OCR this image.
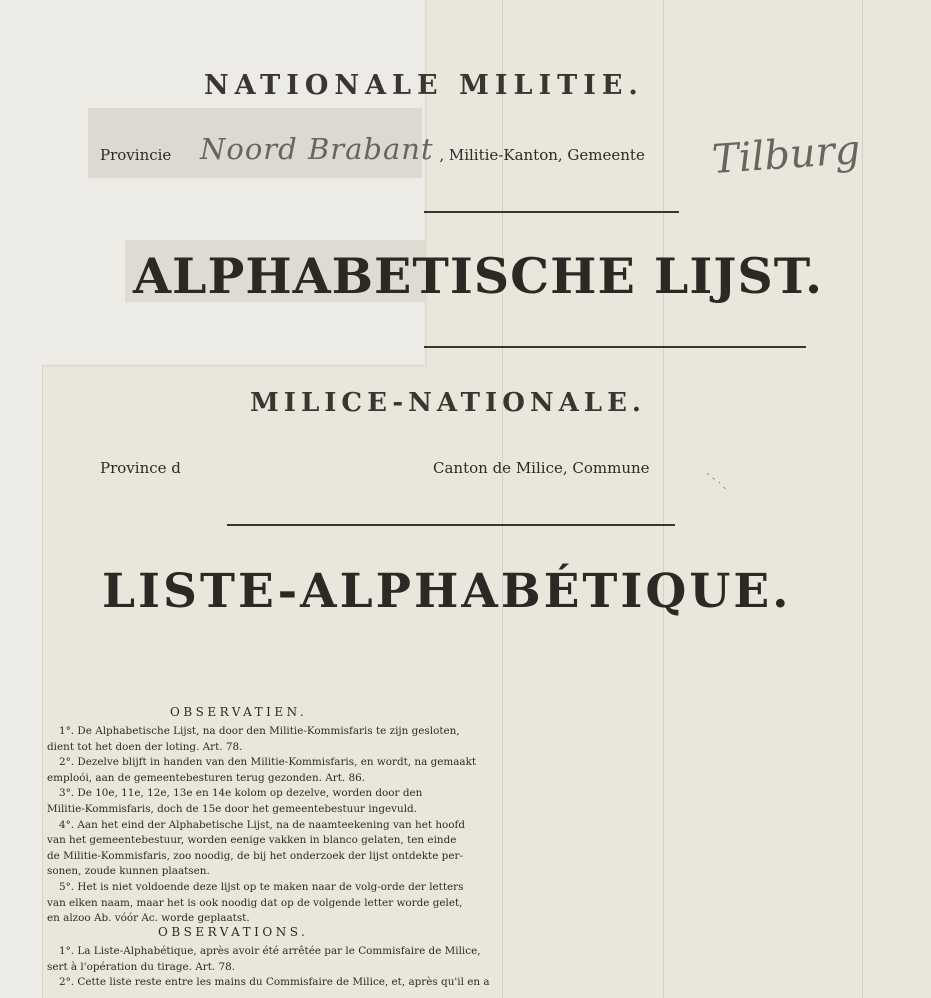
NATIONALE MILITIE.
Provincie	, Militie-Kanton, Gemeente
Noord Brabant	Tilburg
ALPHABETISCHE LIJST.
MILICE-NATIONALE.
Province d	Canton de Milice, Commune	- - · -
LISTE-ALPHABÉTIQUE.
OBSERVATIEN.

1°. De Alphabetische Lijst, na door den Militie-Kommisfaris te zijn gesloten,

dient tot het doen der loting. Art. 78.

2°. Dezelve blijft in handen van den Militie-Kommisfaris, en wordt, na gemaakt

emploói, aan de gemeentebesturen terug gezonden. Art. 86.

3°. De 10e, 11e, 12e, 13e en 14e kolom op dezelve, worden door den

Militie-Kommisfaris, doch de 15e door het gemeentebestuur ingevuld.

4°. Aan het eind der Alphabetische Lijst, na de naamteekening van het hoofd

van het gemeentebestuur, worden eenige vakken in blanco gelaten, ten einde

de Militie-Kommisfaris, zoo noodig, de bij het onderzoek der lijst ontdekte per-

sonen, zoude kunnen plaatsen.

5°. Het is niet voldoende deze lijst op te maken naar de volg-orde der letters

van elken naam, maar het is ook noodig dat op de volgende letter worde gelet,

en alzoo Ab. vóór Ac. worde geplaatst.

OBSERVATIONS.

1°. La Liste-Alphabétique, après avoir été arrêtée par le Commisfaire de Milice,

sert à l'opération du tirage. Art. 78.

2°. Cette liste reste entre les mains du Commisfaire de Milice, et, après qu'il en a
